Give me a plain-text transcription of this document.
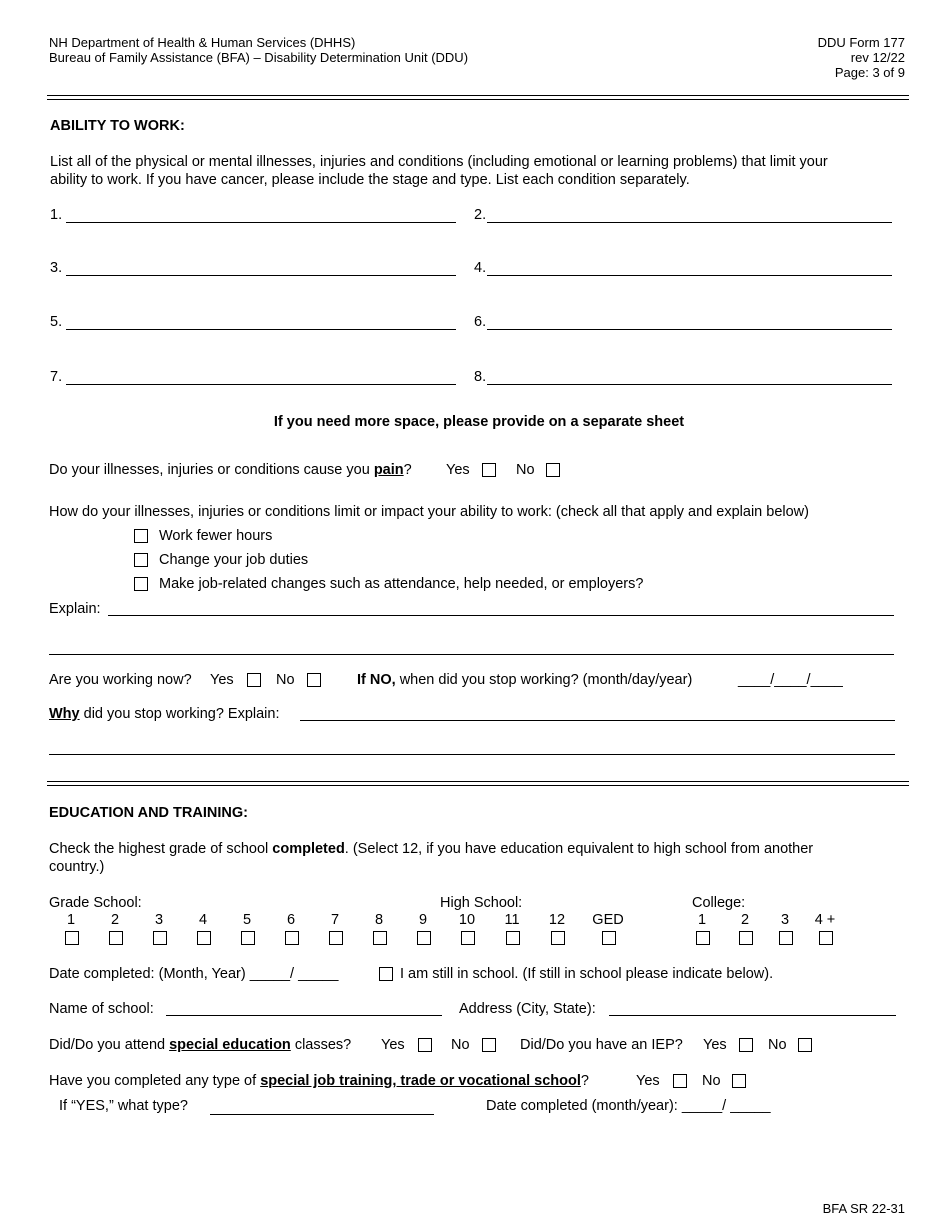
NH Department of Health & Human Services (DHHS)
Bureau of Family Assistance (BFA) – Disability Determination Unit (DDU)
DDU Form 177
rev 12/22
Page: 3 of 9
ABILITY TO WORK:
List all of the physical or mental illnesses, injuries and conditions (including emotional or learning problems) that limit your
ability to work. If you have cancer, please include the stage and type. List each condition separately.
1.	2.
3.	4.
5.	6.
7.	8.
If you need more space, please provide on a separate sheet
Do your illnesses, injuries or conditions cause you pain? Yes	No
How do your illnesses, injuries or conditions limit or impact your ability to work: (check all that apply and explain below)
Work fewer hours
Change your job duties
Make job-related changes such as attendance, help needed, or employers?
Explain:
Are you working now? Yes	No	If NO, when did you stop working? (month/day/year)	____/____/____
Why did you stop working? Explain:
EDUCATION AND TRAINING:
Check the highest grade of school completed. (Select 12, if you have education equivalent to high school from another
country.)
Grade School:	High School:	College:
1 2 3 4 5 6 7 8 9 10 11 12 GED	1 2 3 4 +
Date completed: (Month, Year) _____/ _____	I am still in school. (If still in school please indicate below).
Name of school:	Address (City, State):
Did/Do you attend special education classes? Yes	No	Did/Do you have an IEP? Yes	No
Have you completed any type of special job training, trade or vocational school?	Yes	No
If “YES,” what type?	Date completed (month/year): _____/ _____
BFA SR 22-31
